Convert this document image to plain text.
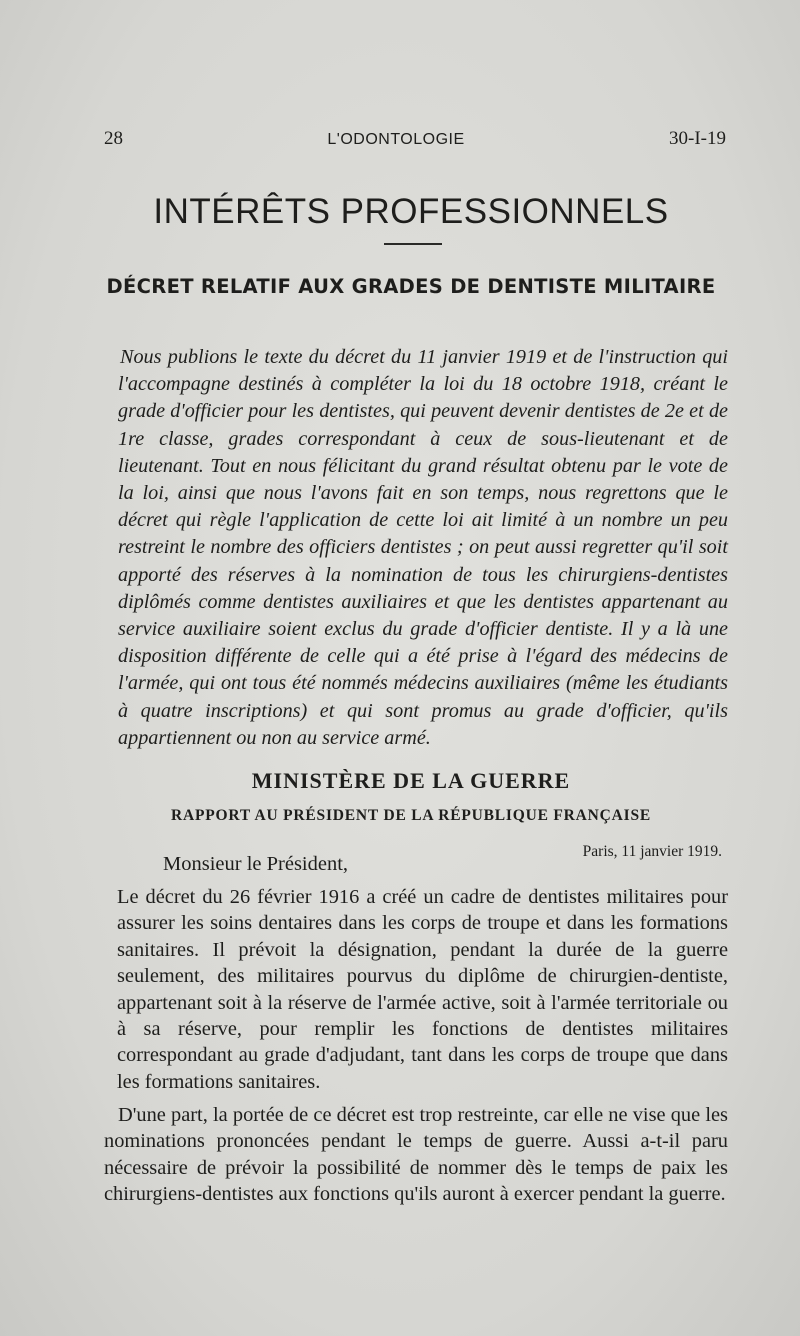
28	L'ODONTOLOGIE	30-I-19
INTÉRÊTS PROFESSIONNELS
DÉCRET RELATIF AUX GRADES DE DENTISTE MILITAIRE

Nous publions le texte du décret du 11 janvier 1919 et de l'instruction qui l'accompagne destinés à compléter la loi du 18 octobre 1918, créant le grade d'officier pour les dentistes, qui peuvent devenir dentistes de 2e et de 1re classe, grades correspondant à ceux de sous-lieutenant et de lieutenant. Tout en nous félicitant du grand résultat obtenu par le vote de la loi, ainsi que nous l'avons fait en son temps, nous regrettons que le décret qui règle l'application de cette loi ait limité à un nombre un peu restreint le nombre des officiers dentistes ; on peut aussi regretter qu'il soit apporté des réserves à la nomination de tous les chirurgiens-dentistes diplômés comme dentistes auxiliaires et que les dentistes appartenant au service auxiliaire soient exclus du grade d'officier dentiste. Il y a là une disposition différente de celle qui a été prise à l'égard des médecins de l'armée, qui ont tous été nommés médecins auxiliaires (même les étudiants à quatre inscriptions) et qui sont promus au grade d'officier, qu'ils appartiennent ou non au service armé.

MINISTÈRE DE LA GUERRE
RAPPORT AU PRÉSIDENT DE LA RÉPUBLIQUE FRANÇAISE

Paris, 11 janvier 1919.

Monsieur le Président,

Le décret du 26 février 1916 a créé un cadre de dentistes militaires pour assurer les soins dentaires dans les corps de troupe et dans les formations sanitaires. Il prévoit la désignation, pendant la durée de la guerre seulement, des militaires pourvus du diplôme de chirurgien-dentiste, appartenant soit à la réserve de l'armée active, soit à l'armée territoriale ou à sa réserve, pour remplir les fonctions de dentistes militaires correspondant au grade d'adjudant, tant dans les corps de troupe que dans les formations sanitaires.

D'une part, la portée de ce décret est trop restreinte, car elle ne vise que les nominations prononcées pendant le temps de guerre. Aussi a-t-il paru nécessaire de prévoir la possibilité de nommer dès le temps de paix les chirurgiens-dentistes aux fonctions qu'ils auront à exercer pendant la guerre.
